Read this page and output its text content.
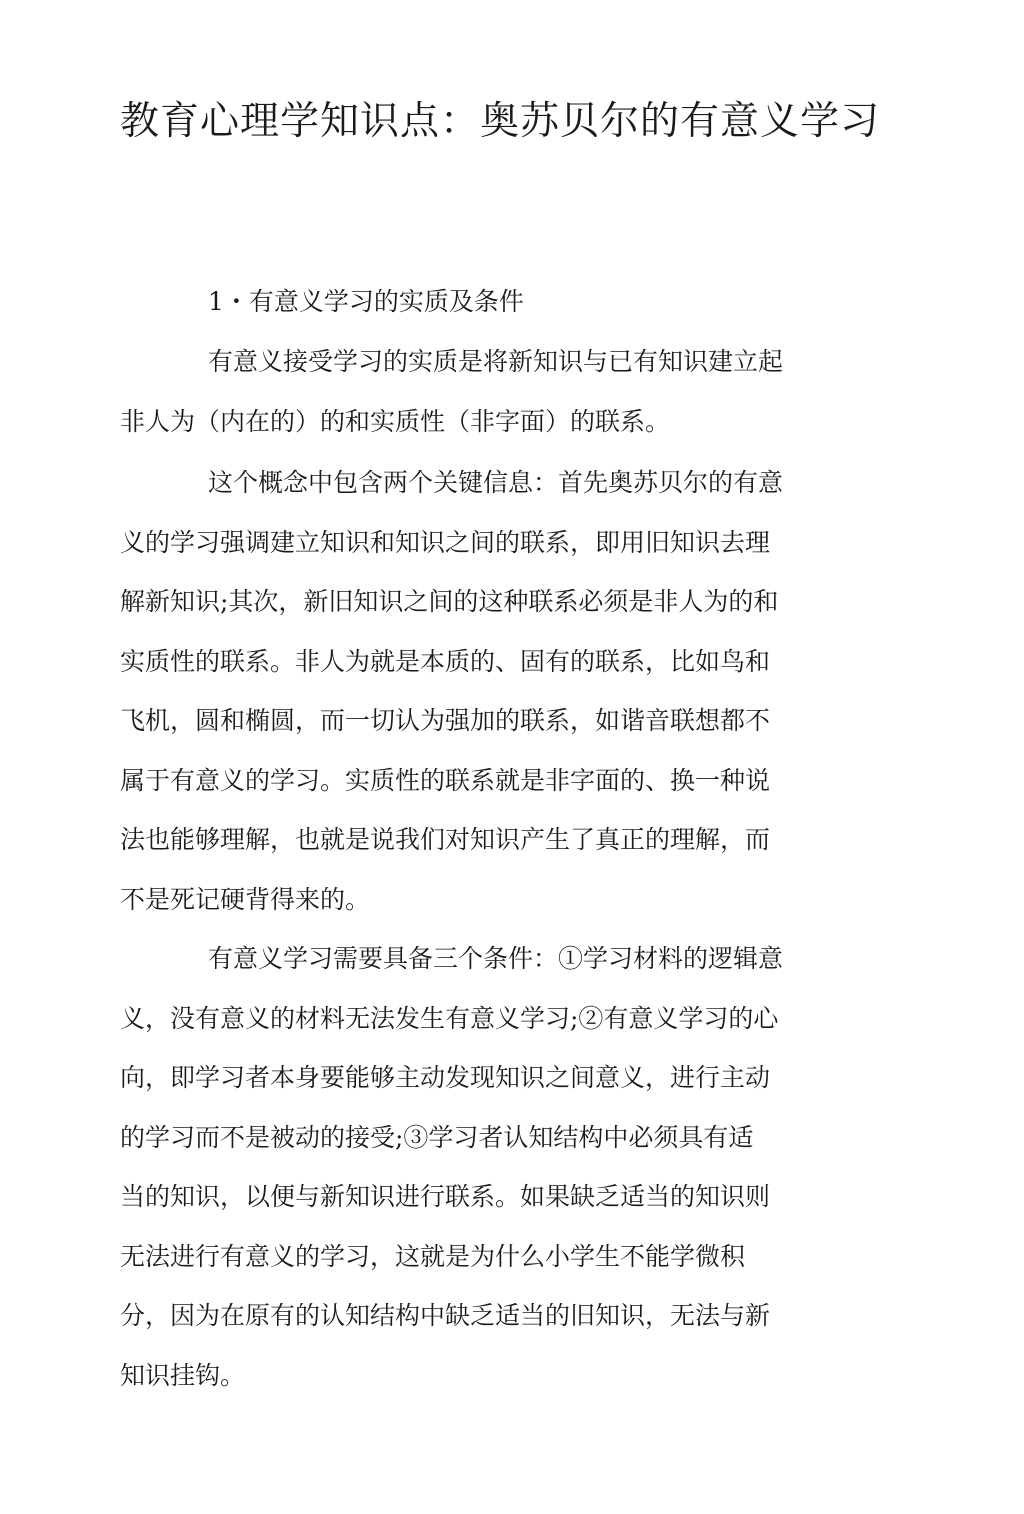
教育心理学知识点：奥苏贝尔的有意义学习
1・有意义学习的实质及条件
有意义接受学习的实质是将新知识与已有知识建立起
非人为（内在的）的和实质性（非字面）的联系。
这个概念中包含两个关键信息：首先奥苏贝尔的有意
义的学习强调建立知识和知识之间的联系，即用旧知识去理
解新知识;其次，新旧知识之间的这种联系必须是非人为的和
实质性的联系。非人为就是本质的、固有的联系，比如鸟和
飞机，圆和椭圆，而一切认为强加的联系，如谐音联想都不
属于有意义的学习。实质性的联系就是非字面的、换一种说
法也能够理解，也就是说我们对知识产生了真正的理解，而
不是死记硬背得来的。
有意义学习需要具备三个条件：①学习材料的逻辑意
义，没有意义的材料无法发生有意义学习;②有意义学习的心
向，即学习者本身要能够主动发现知识之间意义，进行主动
的学习而不是被动的接受;③学习者认知结构中必须具有适
当的知识，以便与新知识进行联系。如果缺乏适当的知识则
无法进行有意义的学习，这就是为什么小学生不能学微积
分，因为在原有的认知结构中缺乏适当的旧知识，无法与新
知识挂钩。
